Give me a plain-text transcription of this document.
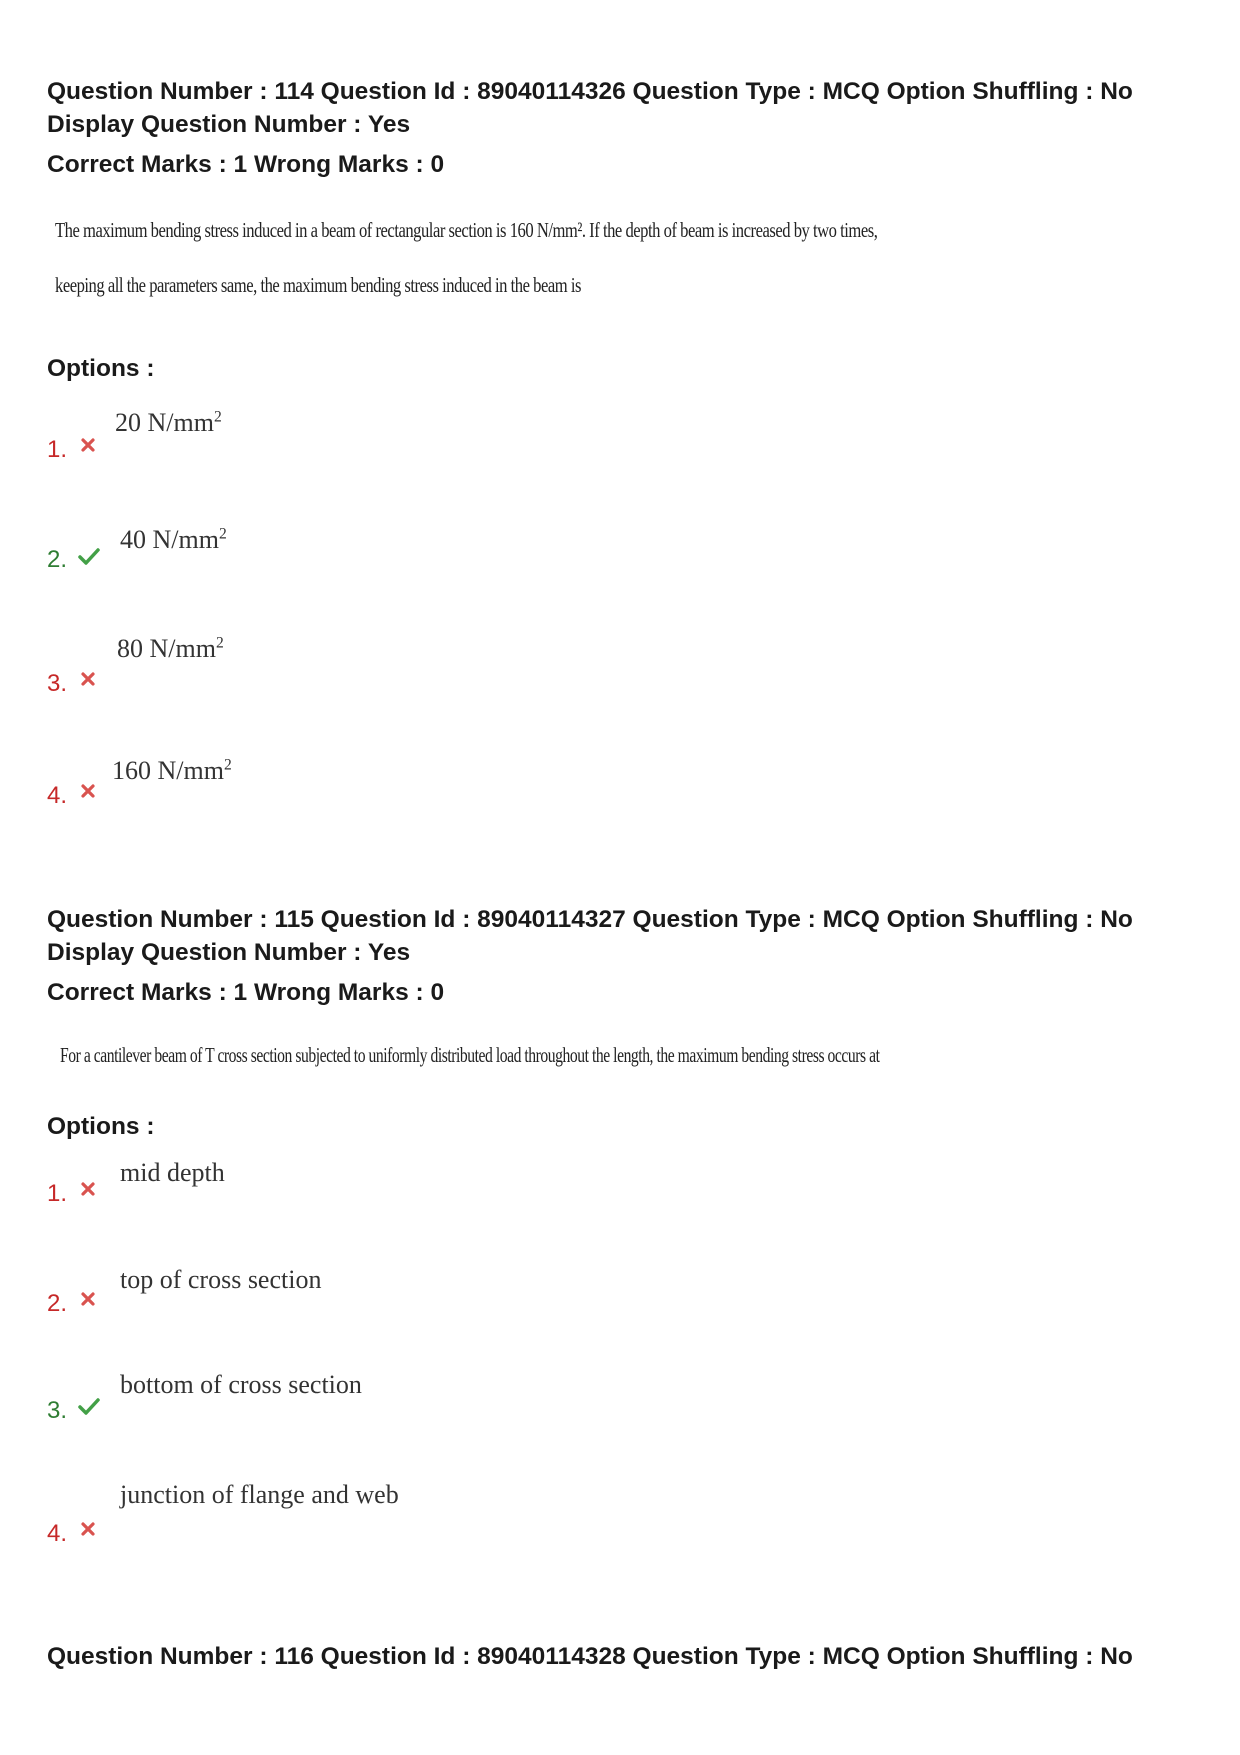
Question Number : 114 Question Id : 89040114326 Question Type : MCQ Option Shuffling : No
Display Question Number : Yes
Correct Marks : 1 Wrong Marks : 0
The maximum bending stress induced in a beam of rectangular section is 160 N/mm². If the depth of beam is increased by two times,
keeping all the parameters same, the maximum bending stress induced in the beam is
Options :
1.
20 $N/mm^2$
2.
40 $N/mm^2$
3.
80 $N/mm^2$
4.
160 $N/mm^2$
Question Number : 115 Question Id : 89040114327 Question Type : MCQ Option Shuffling : No
Display Question Number : Yes
Correct Marks : 1 Wrong Marks : 0
For a cantilever beam of T cross section subjected to uniformly distributed load throughout the length, the maximum bending stress occurs at
Options :
1.
mid depth
2.
top of cross section
3.
bottom of cross section
4.
junction of flange and web
Question Number : 116 Question Id : 89040114328 Question Type : MCQ Option Shuffling : No
